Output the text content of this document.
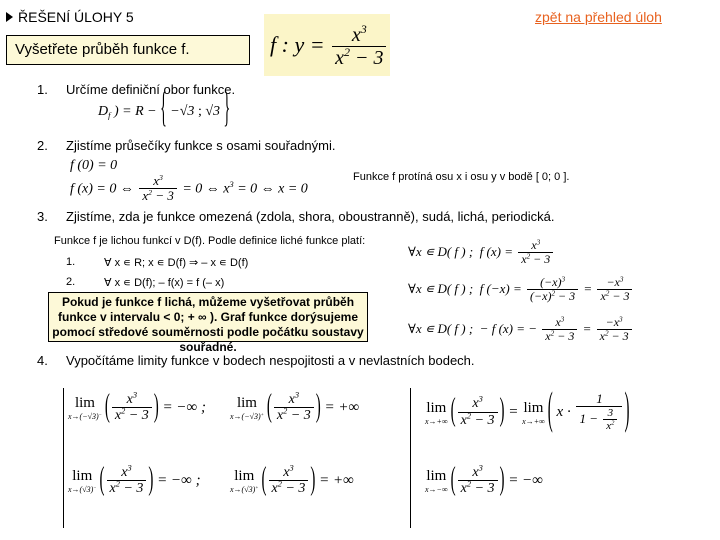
ŘEŠENÍ ÚLOHY 5	zpět na přehled úloh
Vyšetřete průběh funkce f.	f : $y = \frac{x^3}{x^2 - 3}$
1. Určíme definiční obor funkce.
$D_f$ ) = R − { −√3 ; √3 }
2. Zjistíme průsečíky funkce s osami souřadnými.
f (0) = 0
f (x) = 0 ⇔ $\frac{x^3}{x^2 - 3} = 0$ ⇔ $x^3 = 0$ ⇔ x = 0
Funkce f protíná osu x i osu y v bodě [ 0; 0 ].
3. Zjistíme, zda je funkce omezená (zdola, shora, oboustranně), sudá, lichá, periodická.
Funkce f je lichou funkcí v D(f). Podle definice liché funkce platí:
1.	∀ x ∊ R; x ∊ D(f) ⇒ – x ∊ D(f)
2.	∀ x ∊ D(f); – f(x) = f (– x)
∀x ∊ D( f ) ;  f $(x) = \frac{x^3}{x^2 - 3}$
∀x ∊ D( f ) ;  f $(-x) = \frac{(-x)^3}{(-x)^2 - 3} = \frac{-x^3}{x^2 - 3}$
∀x ∊ D( f ) ;  − f (x) = − $\frac{x^3}{x^2 - 3} = \frac{-x^3}{x^2 - 3}$
Pokud je funkce f lichá, můžeme vyšetřovat průběh funkce v intervalu < 0; + ∞ ). Graf funkce dorýsujeme pomocí středové souměrnosti podle počátku soustavy souřadné.
4. Vypočítáme limity funkce v bodech nespojitosti a v nevlastních bodech.
lim
x→(−√3)− ( $\frac{x^3}{x^2 - 3}$ ) = −∞ ; lim
x→(−√3)+ ( $\frac{x^3}{x^2 - 3}$ ) = +∞
lim
x→(√3)− ( $\frac{x^3}{x^2 - 3}$ ) = −∞ ; lim
x→(√3)+ ( $\frac{x^3}{x^2 - 3}$ ) = +∞
lim
x→+∞ ( $\frac{x^3}{x^2 - 3}$ ) = lim
x→+∞ ( $x \cdot \frac{1}{1 - \frac{3}{x^2}}$ )
lim
x→−∞ ( $\frac{x^3}{x^2 - 3}$ ) = −∞
